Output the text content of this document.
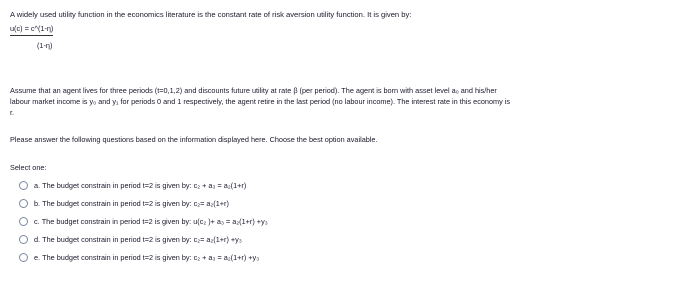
A widely used utility function in the economics literature is the constant rate of risk aversion utility function. It is given by:
$\frac{u(c) = c\^{}(1-\eta)}{(1-\eta)}$
Assume that an agent lives for three periods (t=0,1,2) and discounts future utility at rate β (per period). The agent is born with asset level a₀ and his/her
labour market income is y₀ and y₁ for periods 0 and 1 respectively, the agent retire in the last period (no labour income). The interest rate in this economy is
r.
Please answer the following questions based on the information displayed here. Choose the best option available.
Select one:
a.
The budget constrain in period t=2 is given by: c₂ + a₃ = a₂(1+r)
b.
The budget constrain in period t=2 is given by: c₂= a₂(1+r)
c.
The budget constrain in period t=2 is given by: u(c₂ )+ a₃ = a₂(1+r) +y₃
d.
The budget constrain in period t=2 is given by: c₂= a₂(1+r) +y₃
e.
The budget constrain in period t=2 is given by: c₂ + a₃ = a₂(1+r) +y₃
